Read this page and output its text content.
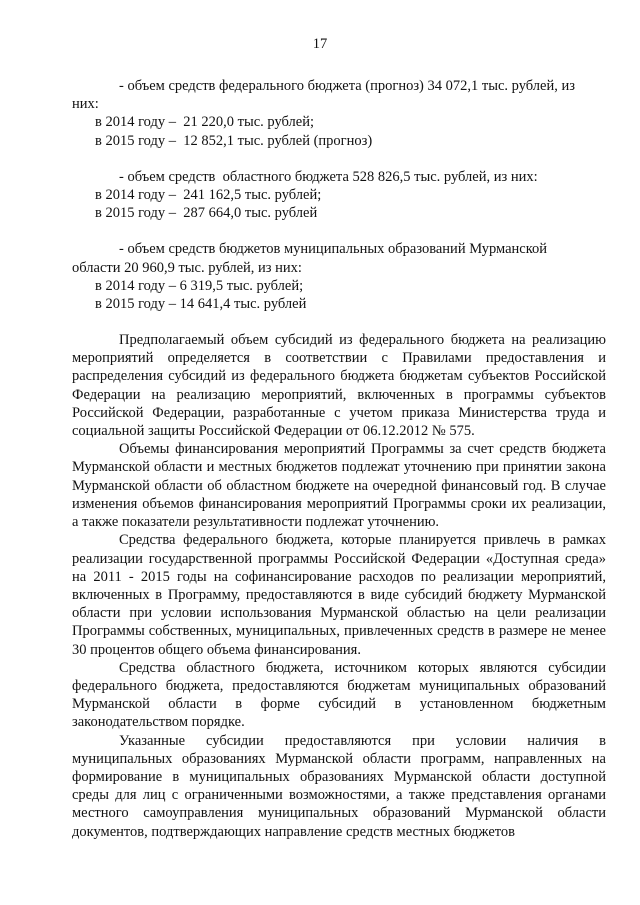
17
- объем средств федерального бюджета (прогноз) 34 072,1 тыс. рублей, из
них:
в 2014 году –  21 220,0 тыс. рублей;
в 2015 году –  12 852,1 тыс. рублей (прогноз)
- объем средств  областного бюджета 528 826,5 тыс. рублей, из них:
в 2014 году –  241 162,5 тыс. рублей;
в 2015 году –  287 664,0 тыс. рублей
- объем средств бюджетов муниципальных образований Мурманской
области 20 960,9 тыс. рублей, из них:
в 2014 году – 6 319,5 тыс. рублей;
в 2015 году – 14 641,4 тыс. рублей

Предполагаемый объем субсидий из федерального бюджета на реализацию мероприятий определяется в соответствии с Правилами предоставления и распределения субсидий из федерального бюджета бюджетам субъектов Российской Федерации на реализацию мероприятий, включенных в программы субъектов Российской Федерации, разработанные с учетом приказа Министерства труда и социальной защиты Российской Федерации от 06.12.2012 № 575.

Объемы финансирования мероприятий Программы за счет средств бюджета Мурманской области и местных бюджетов подлежат уточнению при принятии закона Мурманской области об областном бюджете на очередной финансовый год. В случае изменения объемов финансирования мероприятий Программы сроки их реализации, а также показатели результативности подлежат уточнению.

Средства федерального бюджета, которые планируется привлечь в рамках реализации государственной программы Российской Федерации «Доступная среда» на 2011 - 2015 годы на софинансирование расходов по реализации мероприятий, включенных в Программу, предоставляются в виде субсидий бюджету Мурманской области при условии использования Мурманской областью на цели реализации Программы собственных, муниципальных, привлеченных средств в размере не менее 30 процентов общего объема финансирования.

Средства областного бюджета, источником которых являются субсидии федерального бюджета, предоставляются бюджетам муниципальных образований Мурманской области в форме субсидий в установленном бюджетным законодательством порядке.

Указанные субсидии предоставляются при условии наличия в муниципальных образованиях Мурманской области программ, направленных на формирование в муниципальных образованиях Мурманской области доступной среды для лиц с ограниченными возможностями, а также представления органами местного самоуправления муниципальных образований Мурманской области документов, подтверждающих направление средств местных бюджетов
